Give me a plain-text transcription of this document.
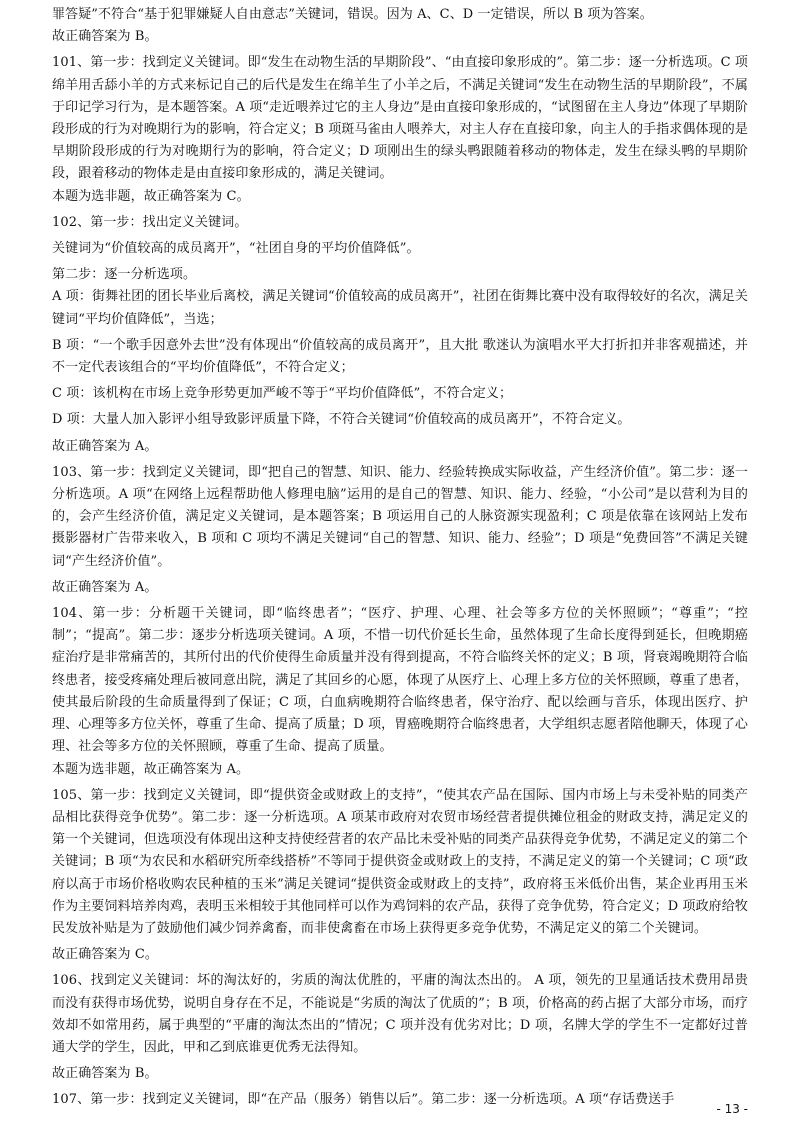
罪答疑”不符合“基于犯罪嫌疑人自由意志”关键词，错误。因为 A、C、D 一定错误，所以 B 项为答案。

故正确答案为 B。

101、第一步：找到定义关键词。即“发生在动物生活的早期阶段”、“由直接印象形成的”。第二步：逐一分析选项。C 项绵羊用舌舔小羊的方式来标记自己的后代是发生在绵羊生了小羊之后，不满足关键词“发生在动物生活的早期阶段”，不属于印记学习行为，是本题答案。A 项“走近喂养过它的主人身边”是由直接印象形成的，“试图留在主人身边”体现了早期阶段形成的行为对晚期行为的影响，符合定义；B 项斑马雀由人喂养大，对主人存在直接印象，向主人的手指求偶体现的是早期阶段形成的行为对晚期行为的影响，符合定义；D 项刚出生的绿头鸭跟随着移动的物体走，发生在绿头鸭的早期阶段，跟着移动的物体走是由直接印象形成的，满足关键词。

本题为选非题，故正确答案为 C。

102、第一步：找出定义关键词。

关键词为“价值较高的成员离开”，“社团自身的平均价值降低”。

第二步：逐一分析选项。

A 项：街舞社团的团长毕业后离校，满足关键词“价值较高的成员离开”，社团在街舞比赛中没有取得较好的名次，满足关键词“平均价值降低”，当选；

B 项：“一个歌手因意外去世”没有体现出“价值较高的成员离开”，且大批 歌迷认为演唱水平大打折扣并非客观描述，并不一定代表该组合的“平均价值降低”，不符合定义；

C 项：该机构在市场上竞争形势更加严峻不等于“平均价值降低”，不符合定义；

D 项：大量人加入影评小组导致影评质量下降，不符合关键词“价值较高的成员离开”，不符合定义。

故正确答案为 A。

103、第一步：找到定义关键词，即“把自己的智慧、知识、能力、经验转换成实际收益，产生经济价值”。第二步：逐一分析选项。A 项“在网络上远程帮助他人修理电脑”运用的是自己的智慧、知识、能力、经验，“小公司”是以营利为目的的，会产生经济价值，满足定义关键词，是本题答案；B 项运用自己的人脉资源实现盈利；C 项是依靠在该网站上发布摄影器材广告带来收入，B 项和 C 项均不满足关键词“自己的智慧、知识、能力、经验”；D 项是“免费回答”不满足关键词“产生经济价值”。

故正确答案为 A。

104、第一步：分析题干关键词，即“临终患者”；“医疗、护理、心理、社会等多方位的关怀照顾”；“尊重”；“控制”；“提高”。第二步：逐步分析选项关键词。A 项，不惜一切代价延长生命，虽然体现了生命长度得到延长，但晚期癌症治疗是非常痛苦的，其所付出的代价使得生命质量并没有得到提高，不符合临终关怀的定义；B 项，肾衰竭晚期符合临终患者，接受疼痛处理后被同意出院，满足了其回乡的心愿，体现了从医疗上、心理上多方位的关怀照顾，尊重了患者，使其最后阶段的生命质量得到了保证；C 项，白血病晚期符合临终患者，保守治疗、配以绘画与音乐，体现出医疗、护理、心理等多方位关怀，尊重了生命、提高了质量；D 项，胃癌晚期符合临终患者，大学组织志愿者陪他聊天，体现了心理、社会等多方位的关怀照顾，尊重了生命、提高了质量。

本题为选非题，故正确答案为 A。

105、第一步：找到定义关键词，即“提供资金或财政上的支持”，“使其农产品在国际、国内市场上与未受补贴的同类产品相比获得竞争优势”。第二步：逐一分析选项。A 项某市政府对农贸市场经营者提供摊位租金的财政支持，满足定义的第一个关键词，但选项没有体现出这种支持使经营者的农产品比未受补贴的同类产品获得竞争优势，不满足定义的第二个关键词；B 项“为农民和水稻研究所牵线搭桥”不等同于提供资金或财政上的支持，不满足定义的第一个关键词；C 项“政府以高于市场价格收购农民种植的玉米”满足关键词“提供资金或财政上的支持”，政府将玉米低价出售，某企业再用玉米作为主要饲料培养肉鸡，表明玉米相较于其他同样可以作为鸡饲料的农产品，获得了竞争优势，符合定义；D 项政府给牧民发放补贴是为了鼓励他们减少饲养禽畜，而非使禽畜在市场上获得更多竞争优势，不满足定义的第二个关键词。

故正确答案为 C。

106、找到定义关键词：坏的淘汰好的，劣质的淘汰优胜的，平庸的淘汰杰出的。 A 项，领先的卫星通话技术费用昂贵而没有获得市场优势，说明自身存在不足，不能说是“劣质的淘汰了优质的”；B 项，价格高的药占据了大部分市场，而疗效却不如常用药，属于典型的“平庸的淘汰杰出的”情况；C 项并没有优劣对比；D 项，名牌大学的学生不一定都好过普通大学的学生，因此，甲和乙到底谁更优秀无法得知。

故正确答案为 B。

107、第一步：找到定义关键词，即“在产品（服务）销售以后”。第二步：逐一分析选项。A 项“存话费送手

- 13 -
